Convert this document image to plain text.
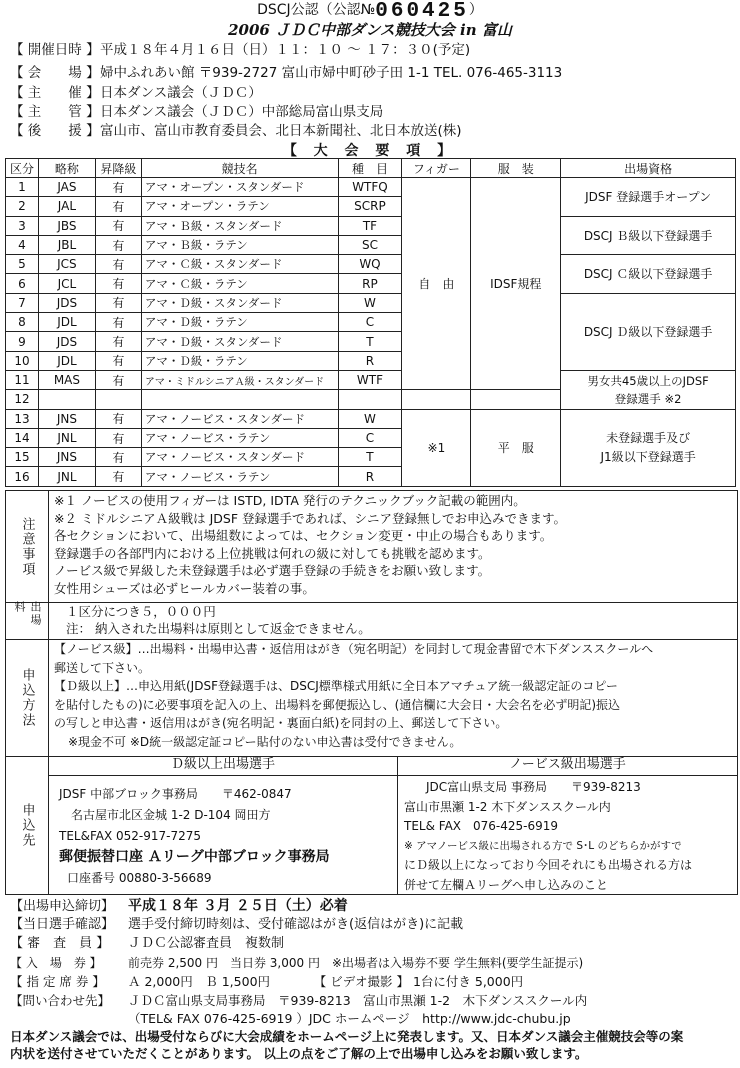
DSCJ公認（公認№060425）
2006 ＪＤＣ中部ダンス競技大会 in 富山
【 開催日時 】平成１８年４月１６日（日）１１：１０ ～ １７：３０(予定)
【 会　　場 】婦中ふれあい館 〒939-2727 富山市婦中町砂子田 1-1 TEL. 076-465-3113
【 主　　催 】日本ダンス議会（ＪＤＣ）
【 主　　管 】日本ダンス議会（ＪＤＣ）中部総局富山県支局
【 後　　援 】富山市、富山市教育委員会、北日本新聞社、北日本放送(株)
【 大 会 要 項 】
区分	略称	昇降級	競技名	種　目	フィガー	服　装	出場資格
1	JAS	有	アマ・オープン・スタンダード	WTFQ	自　由	IDSF規程	JDSF 登録選手オープン
2	JAL	有	アマ・オープン・ラテン	SCRP			
3	JBS	有	アマ・Ｂ級・スタンダード	TF			DSCJ Ｂ級以下登録選手
4	JBL	有	アマ・Ｂ級・ラテン	SC			
5	JCS	有	アマ・Ｃ級・スタンダード	WQ			DSCJ Ｃ級以下登録選手
6	JCL	有	アマ・Ｃ級・ラテン	RP			
7	JDS	有	アマ・Ｄ級・スタンダード	W			DSCJ Ｄ級以下登録選手
8	JDL	有	アマ・Ｄ級・ラテン	C			
9	JDS	有	アマ・Ｄ級・スタンダード	T			
10	JDL	有	アマ・Ｄ級・ラテン	R			
11	MAS	有	アマ・ミドルシニアＡ級・スタンダード	WTF			男女共45歳以上のJDSF
登録選手 ※2
12							
13	JNS	有	アマ・ノービス・スタンダード	W	※1	平　服	未登録選手及び
J1級以下登録選手
14	JNL	有	アマ・ノービス・ラテン	C			
15	JNS	有	アマ・ノービス・スタンダード	T			
16	JNL	有	アマ・ノービス・ラテン	R			
注意事項
※１ ノービスの使用フィガーは ISTD, IDTA 発行のテクニックブック記載の範囲内。
※２ ミドルシニアＡ級戦は JDSF 登録選手であれば、シニア登録無しでお申込みできます。
各セクションにおいて、出場組数によっては、セクション変更・中止の場合もあります。
登録選手の各部門内における上位挑戦は何れの級に対しても挑戦を認めます。
ノービス級で昇級した未登録選手は必ず選手登録の手続きをお願い致します。
女性用シューズは必ずヒールカバー装着の事。
出場料	１区分につき５，０００円
注： 納入された出場料は原則として返金できません。
申込方法
【ノービス級】…出場料・出場申込書・返信用はがき（宛名明記）を同封して現金書留で木下ダンススクールへ
郵送して下さい。
【Ｄ級以上】…申込用紙(JDSF登録選手は、DSCJ標準様式用紙に全日本アマチュア統一級認定証のコピー
を貼付したもの)に必要事項を記入の上、出場料を郵便振込し、(通信欄に大会日・大会名を必ず明記)振込
の写しと申込書・返信用はがき(宛名明記・裏面白紙)を同封の上、郵送して下さい。
※現金不可 ※D統一級認定証コピー貼付のない申込書は受付できません。
申込先
Ｄ級以上出場選手
JDSF 中部ブロック事務局　　〒462-0847
名古屋市北区金城 1-2 D-104 岡田方
TEL&FAX 052-917-7275
郵便振替口座 Ａリーグ中部ブロック事務局
口座番号 00880-3-56689
ノービス級出場選手
JDC富山県支局 事務局　　〒939-8213
富山市黒瀬 1-2 木下ダンススクール内
TEL& FAX　076-425-6919
※ アマノービス級に出場される方で S･L のどちらかがすで
にＤ級以上になっており今回それにも出場される方は
併せて左欄Ａリーグへ申し込みのこと
【出場申込締切】 平成１８年 ３月 ２５日（土）必着
【当日選手確認】 選手受付締切時刻は、受付確認はがき(返信はがき)に記載
【 審　査　員 】 ＪＤＣ公認審査員　複数制
【 入　場　券 】 前売券 2,500 円　当日券 3,000 円　※出場者は入場券不要 学生無料(要学生証提示)
【 指 定 席 券 】 Ａ 2,000円　Ｂ 1,500円　　　　【 ビデオ撮影 】 1台に付き 5,000円
【問い合わせ先】 ＪＤＣ富山県支局事務局　〒939-8213　富山市黒瀬 1-2　木下ダンススクール内
（TEL& FAX 076-425-6919 ）JDC ホームページ　http://www.jdc-chubu.jp
日本ダンス議会では、出場受付ならびに大会成績をホームページ上に発表します。又、日本ダンス議会主催競技会等の案
内状を送付させていただくことがあります。 以上の点をご了解の上で出場申し込みをお願い致します。
